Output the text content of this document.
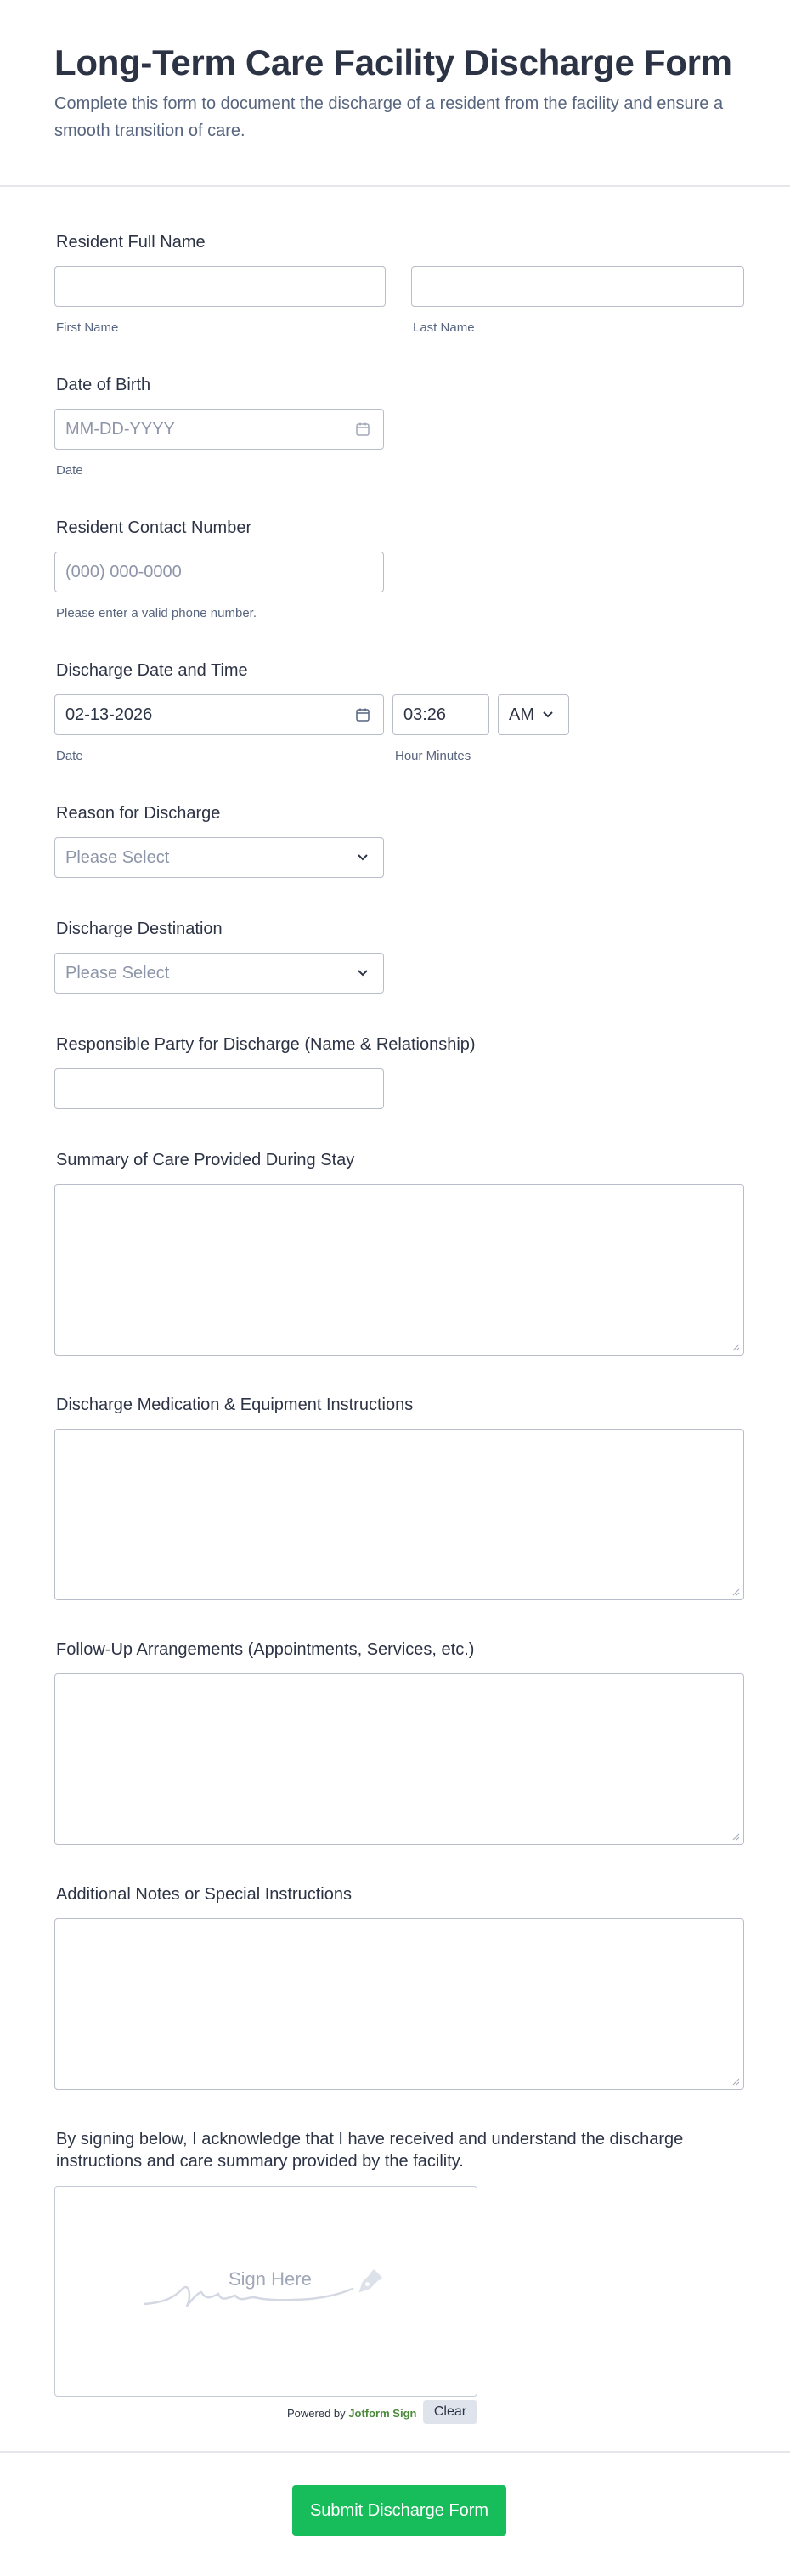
Long-Term Care Facility Discharge Form

Complete this form to document the discharge of a resident from the facility and ensure a smooth transition of care.

Resident Full Name
First Name	Last Name
Date of Birth
MM-DD-YYYY
Date
Resident Contact Number
(000) 000-0000
Please enter a valid phone number.
Discharge Date and Time
02-13-2026	03:26	AM
Date	Hour Minutes
Reason for Discharge
Please Select
Discharge Destination
Please Select
Responsible Party for Discharge (Name & Relationship)
Summary of Care Provided During Stay
Discharge Medication & Equipment Instructions
Follow-Up Arrangements (Appointments, Services, etc.)
Additional Notes or Special Instructions
By signing below, I acknowledge that I have received and understand the discharge instructions and care summary provided by the facility.
Sign Here
Powered by Jotform Sign	Clear
Submit Discharge Form
